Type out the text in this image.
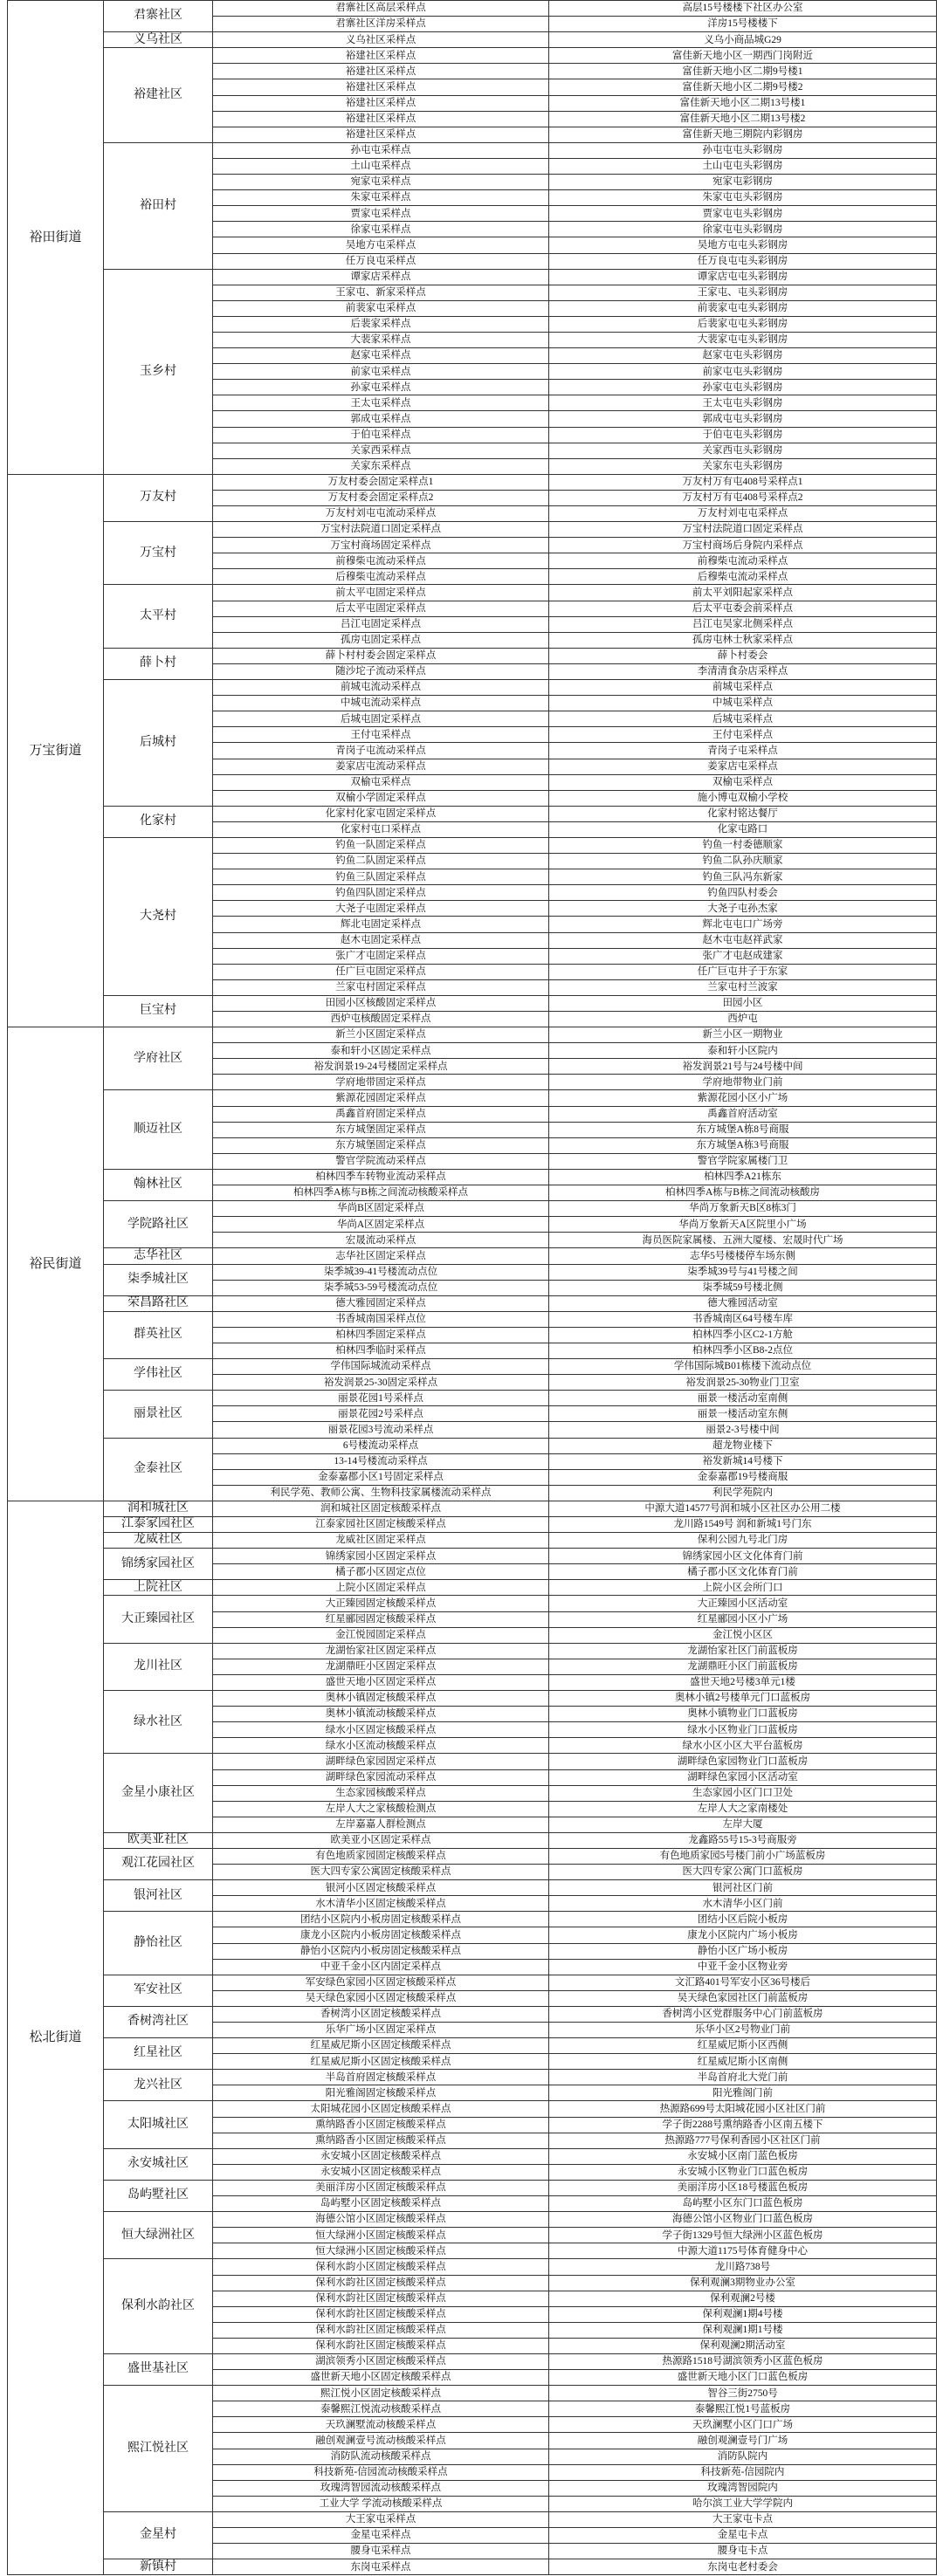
裕田街道	君寨社区	君寨社区高层采样点	高层15号楼楼下社区办公室
		君寨社区洋房采样点	洋房15号楼楼下
	义乌社区	义乌社区采样点	义乌小商品城G29
	裕建社区	裕建社区采样点	富佳新天地小区一期西门岗附近
		裕建社区采样点	富佳新天地小区二期9号楼1
		裕建社区采样点	富佳新天地小区二期9号楼2
		裕建社区采样点	富佳新天地小区二期13号楼1
		裕建社区采样点	富佳新天地小区二期13号楼2
		裕建社区采样点	富佳新天地三期院内彩钢房
	裕田村	孙屯屯采样点	孙屯屯屯头彩钢房
		土山屯采样点	土山屯屯头彩钢房
		宛家屯采样点	宛家屯彩钢房
		朱家屯采样点	朱家屯屯头彩钢房
		贾家屯采样点	贾家屯屯头彩钢房
		徐家屯采样点	徐家屯屯头彩钢房
		吴地方屯采样点	吴地方屯屯头彩钢房
		任万良屯采样点	任万良屯屯头彩钢房
	玉乡村	谭家店采样点	谭家店屯屯头彩钢房
		王家屯、新家采样点	王家屯、屯头彩钢房
		前裴家屯采样点	前裴家屯屯头彩钢房
		后裴家采样点	后裴家屯屯头彩钢房
		大裴家采样点	大裴家屯屯头彩钢房
		赵家屯采样点	赵家屯屯头彩钢房
		前家屯采样点	前家屯屯头彩钢房
		孙家屯采样点	孙家屯屯头彩钢房
		王太屯采样点	王太屯屯头彩钢房
		郭成屯采样点	郭成屯屯头彩钢房
		于伯屯采样点	于伯屯屯头彩钢房
		关家西采样点	关家西屯头彩钢房
		关家东采样点	关家东屯头彩钢房
万宝街道	万友村	万友村委会固定采样点1	万友村万有屯408号采样点1
		万友村委会固定采样点2	万友村万有屯408号采样点2
		万友村刘屯屯流动采样点	万友村刘屯屯采样点
	万宝村	万宝村法院道口固定采样点	万宝村法院道口固定采样点
		万宝村商场固定采样点	万宝村商场后身院内采样点
		前穆柴屯流动采样点	前穆柴屯流动采样点
		后穆柴屯流动采样点	后穆柴屯流动采样点
	太平村	前太平屯固定采样点	前太平刘阳起家采样点
		后太平屯固定采样点	后太平屯委会前采样点
		吕江屯固定采样点	吕江屯吴家北侧采样点
		孤房屯固定采样点	孤房屯林士秋家采样点
	薛卜村	薛卜村村委会固定采样点	薛卜村委会
		随沙坨子流动采样点	李清清食杂店采样点
	后城村	前城屯流动采样点	前城屯采样点
		中城屯流动采样点	中城屯采样点
		后城屯固定采样点	后城屯采样点
		王付屯采样点	王付屯采样点
		青岗子屯流动采样点	青岗子屯采样点
		姜家店屯流动采样点	姜家店屯采样点
		双榆屯采样点	双榆屯采样点
		双榆小学固定采样点	施小博屯双榆小学校
	化家村	化家村化家屯固定采样点	化家村铭达餐厅
		化家村屯口采样点	化家屯路口
	大尧村	钓鱼一队固定采样点	钓鱼一村委德顺家
		钓鱼二队固定采样点	钓鱼二队孙庆顺家
		钓鱼三队固定采样点	钓鱼三队冯东新家
		钓鱼四队固定采样点	钓鱼四队村委会
		大尧子屯固定采样点	大尧子屯孙杰家
		辉北屯固定采样点	辉北屯屯口广场旁
		赵木屯固定采样点	赵木屯屯赵祥武家
		张广才屯固定采样点	张广才屯赵成建家
		任广巨屯固定采样点	任广巨屯井子于东家
		兰家屯村固定采样点	兰家屯村兰波家
	巨宝村	田园小区核酸固定采样点	田园小区
		西炉屯核酸固定采样点	西炉屯
裕民街道	学府社区	新兰小区固定采样点	新兰小区一期物业
		泰和轩小区固定采样点	泰和轩小区院内
		裕发润景19-24号楼固定采样点	裕发润景21号与24号楼中间
		学府地带固定采样点	学府地带物业门前
	顺迈社区	紫源花园固定采样点	紫源花园小区小广场
		禹鑫首府固定采样点	禹鑫首府活动室
		东方城堡固定采样点	东方城堡A栋8号商服
		东方城堡固定采样点	东方城堡A栋3号商服
		警官学院流动采样点	警官学院家属楼门卫
	翰林社区	柏林四季车转物业流动采样点	柏林四季A21栋东
		柏林四季A栋与B栋之间流动核酸采样点	柏林四季A栋与B栋之间流动核酸房
	学院路社区	华尚B区固定采样点	华尚万象新天B区8栋3门
		华尚A区固定采样点	华尚万象新天A区院里小广场
		宏晟流动采样点	海员医院家属楼、五洲大厦楼、宏晟时代广场
	志华社区	志华社区固定采样点	志华5号楼楼停车场东侧
	柒季城社区	柒季城39-41号楼流动点位	柒季城39号与41号楼之间
		柒季城53-59号楼流动点位	柒季城59号楼北侧
	荣昌路社区	德大雅园固定采样点	德大雅园活动室
	群英社区	书香城南国采样点位	书香城南区64号楼车库
		柏林四季固定采样点	柏林四季小区C2-1方舱
		柏林四季临时采样点	柏林四季小区B8-2点位
	学伟社区	学伟国际城流动采样点	学伟国际城B01栋楼下流动点位
		裕发润景25-30固定采样点	裕发润景25-30物业门卫室
	丽景社区	丽景花园1号采样点	丽景一楼活动室南侧
		丽景花园2号采样点	丽景一楼活动室东侧
		丽景花园3号流动采样点	丽景2-3号楼中间
	金泰社区	6号楼流动采样点	超龙物业楼下
		13-14号楼流动采样点	裕发新城14号楼下
		金泰嘉郡小区1号固定采样点	金泰嘉郡19号楼商服
		利民学苑、教师公寓、生物科技家属楼流动采样点	利民学苑院内
松北街道	润和城社区	润和城社区固定核酸采样点	中源大道14577号润和城小区社区办公用二楼
	江泰家园社区	江泰家园社区固定核酸采样点	龙川路1549号 润和新城1号门东
	龙威社区	龙威社区固定采样点	保利公园九号北门房
	锦绣家园社区	锦绣家园小区固定采样点	锦绣家园小区文化体育门前
		橘子郡小区固定点位	橘子郡小区文化体育门前
	上院社区	上院小区固定采样点	上院小区会所门口
	大正臻园社区	大正臻园固定核酸采样点	大正臻园小区活动室
		红星郦园固定核酸采样点	红星郦园小区小广场
		金江悦园固定采样点	金江悦小区区
	龙川社区	龙湖怡家社区固定采样点	龙湖怡家社区门前蓝板房
		龙湖鼎旺小区固定采样点	龙湖鼎旺小区门前蓝板房
		盛世天地小区固定采样点	盛世天地2号楼3单元1楼
	绿水社区	奥林小镇固定核酸采样点	奥林小镇2号楼单元门口蓝板房
		奥林小镇流动核酸采样点	奥林小镇物业门口蓝板房
		绿水小区固定核酸采样点	绿水小区物业门口蓝板房
		绿水小区流动核酸采样点	绿水小区小区大平台蓝板房
	金星小康社区	湖畔绿色家园固定采样点	湖畔绿色家园物业门口蓝板房
		湖畔绿色家园流动采样点	湖畔绿色家园小区活动室
		生态家园核酸采样点	生态家园小区门口卫处
		左岸人大之家核酸检测点	左岸人大之家南楼处
		左岸嘉嘉人群检测点	左岸大厦
	欧美亚社区	欧美亚小区固定采样点	龙鑫路55号15-3号商服旁
	观江花园社区	有色地质家园固定核酸采样点	有色地质家园5号楼门前小广场蓝板房
		医大四专家公寓固定核酸采样点	医大四专家公寓门口蓝板房
	银河社区	银河小区固定核酸采样点	银河社区门前
		水木清华小区固定核酸采样点	水木清华小区门前
	静怡社区	团结小区院内小板房固定核酸采样点	团结小区后院小板房
		康龙小区院内小板房固定核酸采样点	康龙小区院内广场小板房
		静怡小区院内小板房固定核酸采样点	静怡小区广场小板房
		中亚千金小区内固定采样点	中亚千金小区物业旁
	军安社区	军安绿色家园小区固定核酸采样点	文汇路401号军安小区36号楼后
		吴天绿色家园小区固定核酸采样点	吴天绿色家园社区门前蓝板房
	香树湾社区	香树湾小区固定核酸采样点	香树湾小区党群服务中心门前蓝板房
		乐华广场小区固定采样点	乐华小区2号物业门前
	红星社区	红星威尼斯小区固定核酸采样点	红星威尼斯小区西侧
		红星威尼斯小区固定核酸采样点	红星威尼斯小区南侧
	龙兴社区	半岛首府固定核酸采样点	半岛首府北大党门前
		阳光雅阁固定核酸采样点	阳光雅阁门前
	太阳城社区	太阳城花园小区固定核酸采样点	热源路699号太阳城花园小区社区门前
		熏纳路香小区固定核酸采样点	学子街2288号熏纳路香小区南五楼下
		熏纳路香小区固定核酸采样点	热源路777号保利香园小区社区门前
	永安城社区	永安城小区固定核酸采样点	永安城小区南门蓝色板房
		永安城小区固定核酸采样点	永安城小区物业门口蓝色板房
	岛屿墅社区	美丽洋房小区固定核酸采样点	美丽洋房小区18号楼蓝色板房
		岛屿墅小区固定核酸采样点	岛屿墅小区东门口蓝色板房
	恒大绿洲社区	海德公馆小区固定核酸采样点	海德公馆小区物业门口蓝色板房
		恒大绿洲小区固定核酸采样点	学子街1329号恒大绿洲小区蓝色板房
		恒大绿洲小区固定核酸采样点	中源大道1175号体育健身中心
	保利水韵社区	保利水韵小区固定核酸采样点	龙川路738号
		保利水韵社区固定核酸采样点	保利观澜3期物业办公室
		保利水韵社区固定核酸采样点	保利观澜2号楼
		保利水韵社区固定核酸采样点	保利观澜1期4号楼
		保利水韵社区固定核酸采样点	保利观澜1期1号楼
		保利水韵社区固定核酸采样点	保利观澜2期活动室
	盛世基社区	湖滨领秀小区固定核酸采样点	热源路1518号湖滨领秀小区蓝色板房
		盛世新天地小区固定核酸采样点	盛世新天地小区门口蓝色板房
	熙江悦社区	熙江悦小区固定核酸采样点	智谷三街2750号
		泰馨熙江悦流动核酸采样点	泰馨熙江悦1号蓝板房
		天玖澜墅流动核酸采样点	天玖澜墅小区门口广场
		融创观澜壹号流动核酸采样点	融创观澜壹号门广场
		消防队流动核酸采样点	消防队院内
		科技新苑-信园流动核酸采样点	科技新苑-信园院内
		玫瑰湾智园流动核酸采样点	玫瑰湾智园院内
		工业大学 学流动核酸采样点	哈尔滨工业大学学院内
	金星村	大王家屯采样点	大王家屯卡点
		金星屯采样点	金星屯卡点
		腰身屯采样点	腰身屯卡点
	新镇村	东岗屯采样点	东岗屯老村委会
